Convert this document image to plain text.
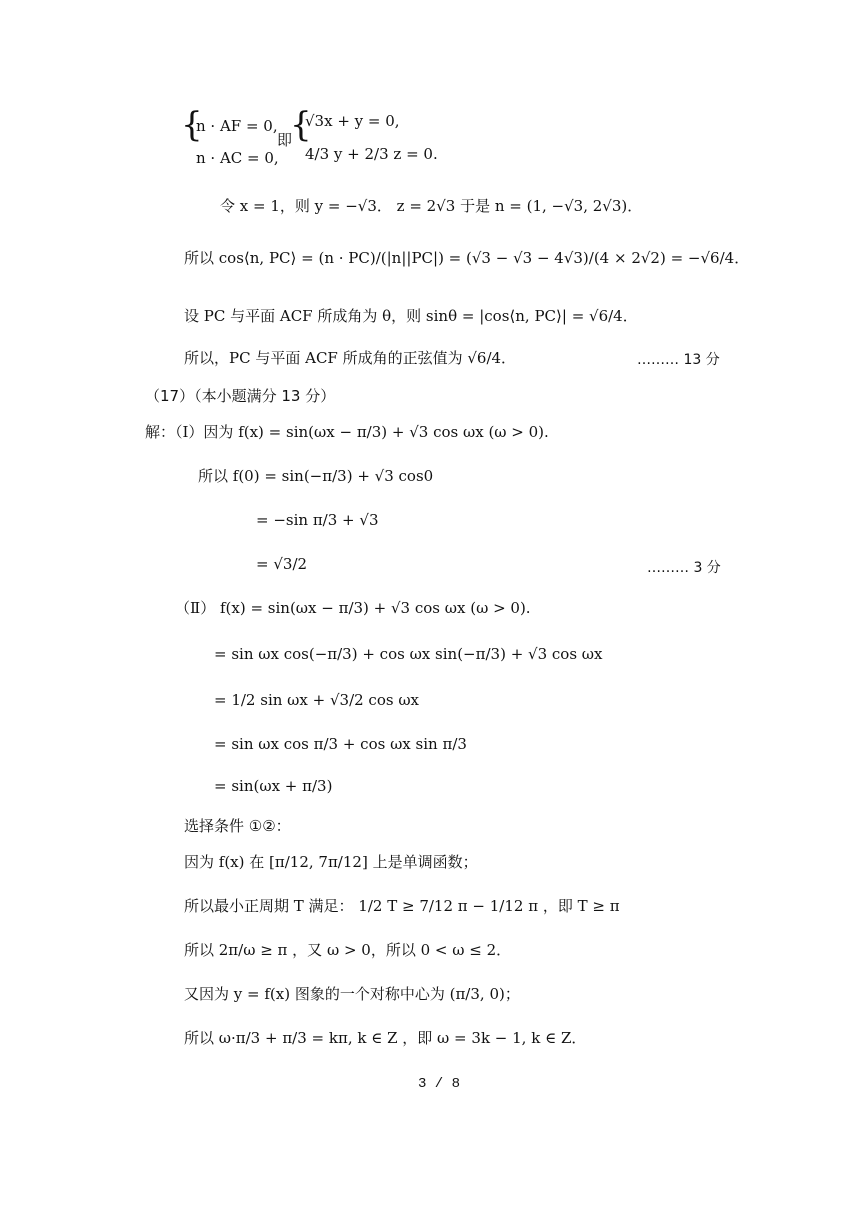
{
n · AF = 0,
n · AC = 0,
即
{
√3x + y = 0,
4/3 y + 2/3 z = 0.
令 x = 1，则 y = −√3． z = 2√3 于是 n = (1, −√3, 2√3)．
所以 cos⟨n, PC⟩ = (n · PC)/(|n||PC|) = (√3 − √3 − 4√3)/(4 × 2√2) = −√6/4．
设 PC 与平面 ACF 所成角为 θ，则 sinθ = |cos⟨n, PC⟩| = √6/4．
所以，PC 与平面 ACF 所成角的正弦值为 √6/4．	……… 13 分
（17）（本小题满分 13 分）
解：（Ⅰ）因为 f(x) = sin(ωx − π/3) + √3 cos ωx (ω > 0).
所以 f(0) = sin(−π/3) + √3 cos0
= −sin π/3 + √3
= √3/2	……… 3 分
（Ⅱ） f(x) = sin(ωx − π/3) + √3 cos ωx (ω > 0).
= sin ωx cos(−π/3) + cos ωx sin(−π/3) + √3 cos ωx
= 1/2 sin ωx + √3/2 cos ωx
= sin ωx cos π/3 + cos ωx sin π/3
= sin(ωx + π/3)
选择条件 ①②：
因为 f(x) 在 [π/12, 7π/12] 上是单调函数；
所以最小正周期 T 满足： 1/2 T ≥ 7/12 π − 1/12 π ，即 T ≥ π
所以 2π/ω ≥ π ，又 ω > 0，所以 0 < ω ≤ 2．
又因为 y = f(x) 图象的一个对称中心为 (π/3, 0)；
所以 ω·π/3 + π/3 = kπ, k ∈ Z ，即 ω = 3k − 1, k ∈ Z．
3 / 8
